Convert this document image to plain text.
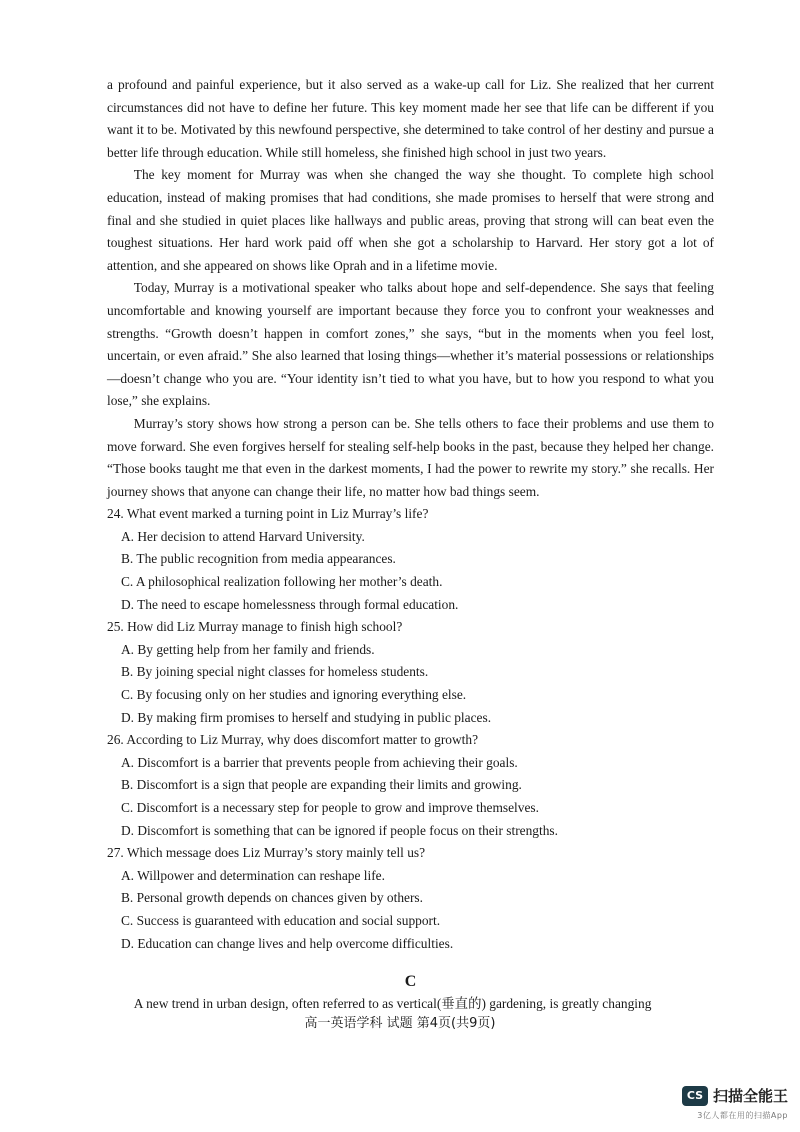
a profound and painful experience, but it also served as a wake-up call for Liz. She realized that her current circumstances did not have to define her future. This key moment made her see that life can be different if you want it to be. Motivated by this newfound perspective, she determined to take control of her destiny and pursue a better life through education. While still homeless, she finished high school in just two years.

The key moment for Murray was when she changed the way she thought. To complete high school education, instead of making promises that had conditions, she made promises to herself that were strong and final and she studied in quiet places like hallways and public areas, proving that strong will can beat even the toughest situations. Her hard work paid off when she got a scholarship to Harvard. Her story got a lot of attention, and she appeared on shows like Oprah and in a lifetime movie.

Today, Murray is a motivational speaker who talks about hope and self-dependence. She says that feeling uncomfortable and knowing yourself are important because they force you to confront your weaknesses and strengths. “Growth doesn’t happen in comfort zones,” she says, “but in the moments when you feel lost, uncertain, or even afraid.” She also learned that losing things—whether it’s material possessions or relationships—doesn’t change who you are. “Your identity isn’t tied to what you have, but to how you respond to what you lose,” she explains.

Murray’s story shows how strong a person can be. She tells others to face their problems and use them to move forward. She even forgives herself for stealing self-help books in the past, because they helped her change. “Those books taught me that even in the darkest moments, I had the power to rewrite my story.” she recalls. Her journey shows that anyone can change their life, no matter how bad things seem.

24. What event marked a turning point in Liz Murray’s life?

A. Her decision to attend Harvard University.

B. The public recognition from media appearances.

C. A philosophical realization following her mother’s death.

D. The need to escape homelessness through formal education.

25. How did Liz Murray manage to finish high school?

A. By getting help from her family and friends.

B. By joining special night classes for homeless students.

C. By focusing only on her studies and ignoring everything else.

D. By making firm promises to herself and studying in public places.

26. According to Liz Murray, why does discomfort matter to growth?

A. Discomfort is a barrier that prevents people from achieving their goals.

B. Discomfort is a sign that people are expanding their limits and growing.

C. Discomfort is a necessary step for people to grow and improve themselves.

D. Discomfort is something that can be ignored if people focus on their strengths.

27. Which message does Liz Murray’s story mainly tell us?

A. Willpower and determination can reshape life.

B. Personal growth depends on chances given by others.

C. Success is guaranteed with education and social support.

D. Education can change lives and help overcome difficulties.

C

A new trend in urban design, often referred to as vertical(垂直的) gardening, is greatly changing

高一英语学科 试题 第4页(共9页)
CS 扫描全能王
3亿人都在用的扫描App
